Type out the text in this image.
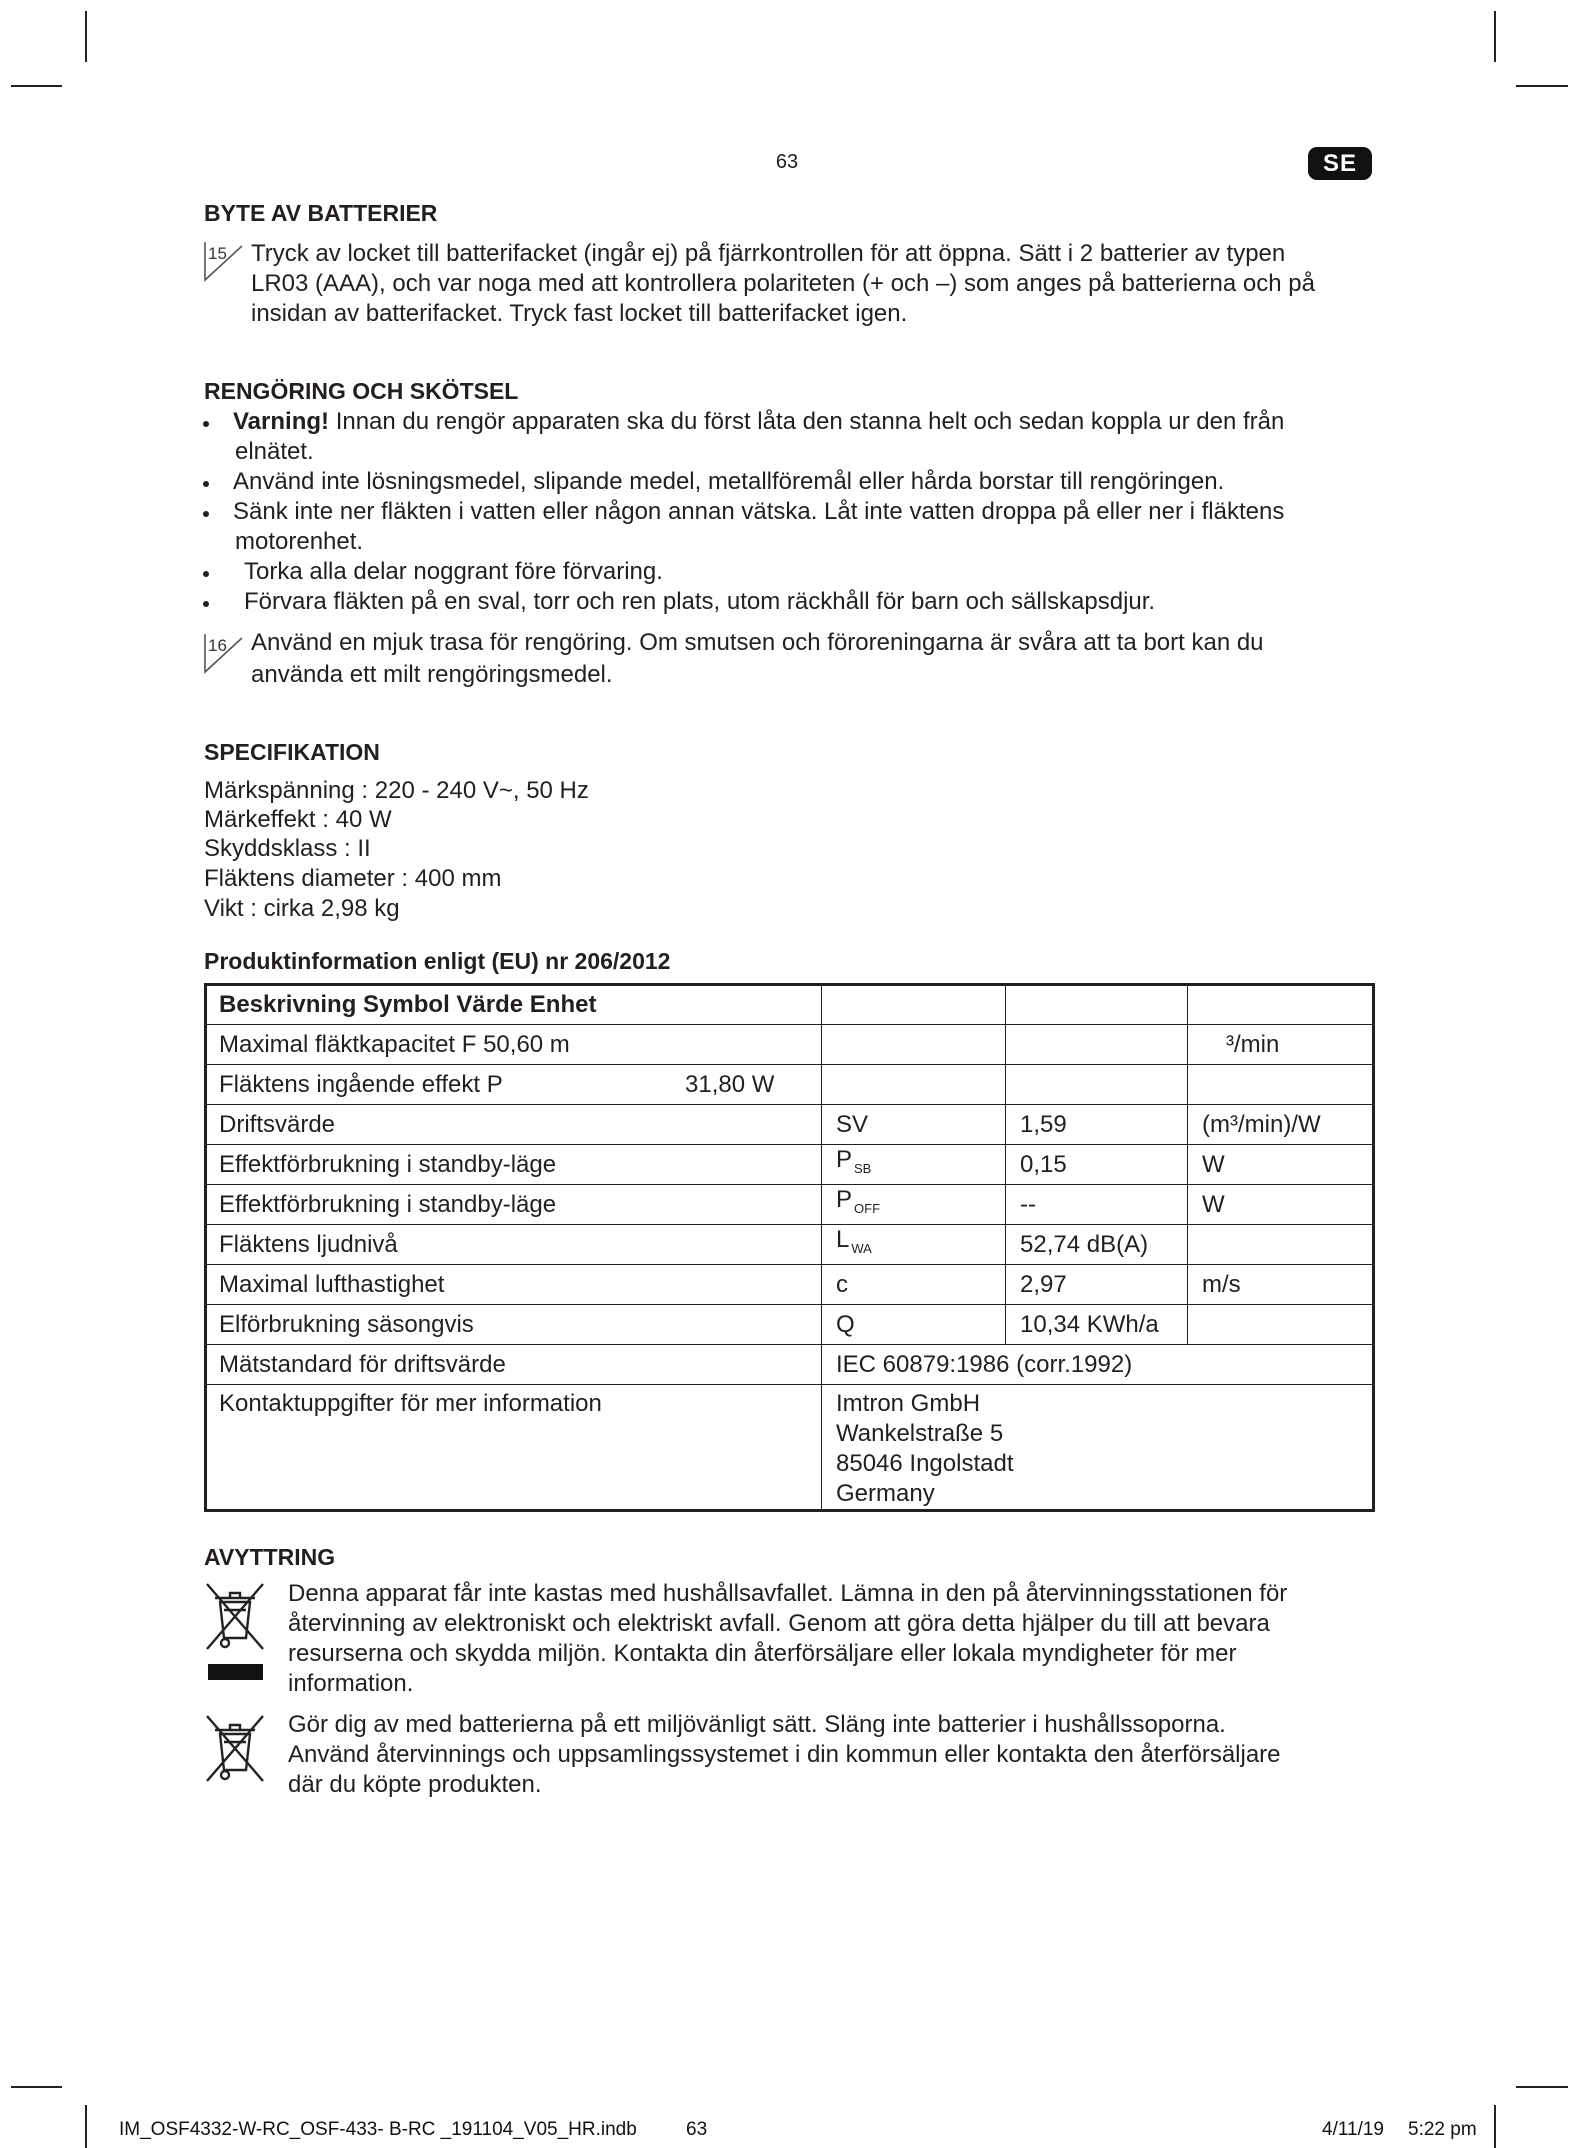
63	SE
BYTE AV BATTERIER
15 Tryck av locket till batterifacket (ingår ej) på fjärrkontrollen för att öppna. Sätt i 2 batterier av typen
LR03 (AAA), och var noga med att kontrollera polariteten (+ och –) som anges på batterierna och på
insidan av batterifacket. Tryck fast locket till batterifacket igen.
RENGÖRING OCH SKÖTSEL
Varning! Innan du rengör apparaten ska du först låta den stanna helt och sedan koppla ur den från
elnätet.
Använd inte lösningsmedel, slipande medel, metallföremål eller hårda borstar till rengöringen.
Sänk inte ner fläkten i vatten eller någon annan vätska. Låt inte vatten droppa på eller ner i fläktens
motorenhet.
Torka alla delar noggrant före förvaring.
Förvara fläkten på en sval, torr och ren plats, utom räckhåll för barn och sällskapsdjur.
16 Använd en mjuk trasa för rengöring. Om smutsen och föroreningarna är svåra att ta bort kan du
använda ett milt rengöringsmedel.
SPECIFIKATION
Märkspänning : 220 - 240 V~, 50 Hz
Märkeffekt : 40 W
Skyddsklass : II
Fläktens diameter : 400 mm
Vikt : cirka 2,98 kg
Produktinformation enligt (EU) nr 206/2012
Beskrivning Symbol Värde Enhet			
Maximal fläktkapacitet F 50,60 m			³/min

Fläktens ingående effekt P 31,80 W			

Driftsvärde	SV	1,59	(m³/min)/W
Effektförbrukning i standby-läge	P $_{SB}$	0,15	W
Effektförbrukning i standby-läge	P $_{OFF}$	--	W
Fläktens ljudnivå	L $_{WA}$	52,74 dB(A)	
Maximal lufthastighet	c	2,97	m/s
Elförbrukning säsongvis	Q	10,34 KWh/a	
Mätstandard för driftsvärde	IEC 60879:1986 (corr.1992)		
Kontaktuppgifter för mer information	Imtron GmbH
Wankelstraße 5
85046 Ingolstadt
Germany		
AVYTTRING
Denna apparat får inte kastas med hushållsavfallet. Lämna in den på återvinningsstationen för
återvinning av elektroniskt och elektriskt avfall. Genom att göra detta hjälper du till att bevara
resurserna och skydda miljön. Kontakta din återförsäljare eller lokala myndigheter för mer
information.
Gör dig av med batterierna på ett miljövänligt sätt. Släng inte batterier i hushållssoporna.
Använd återvinnings och uppsamlingssystemet i din kommun eller kontakta den återförsäljare
där du köpte produkten.
IM_OSF4332-W-RC_OSF-433- B-RC _191104_V05_HR.indb	63	4/11/19 5:22 pm
